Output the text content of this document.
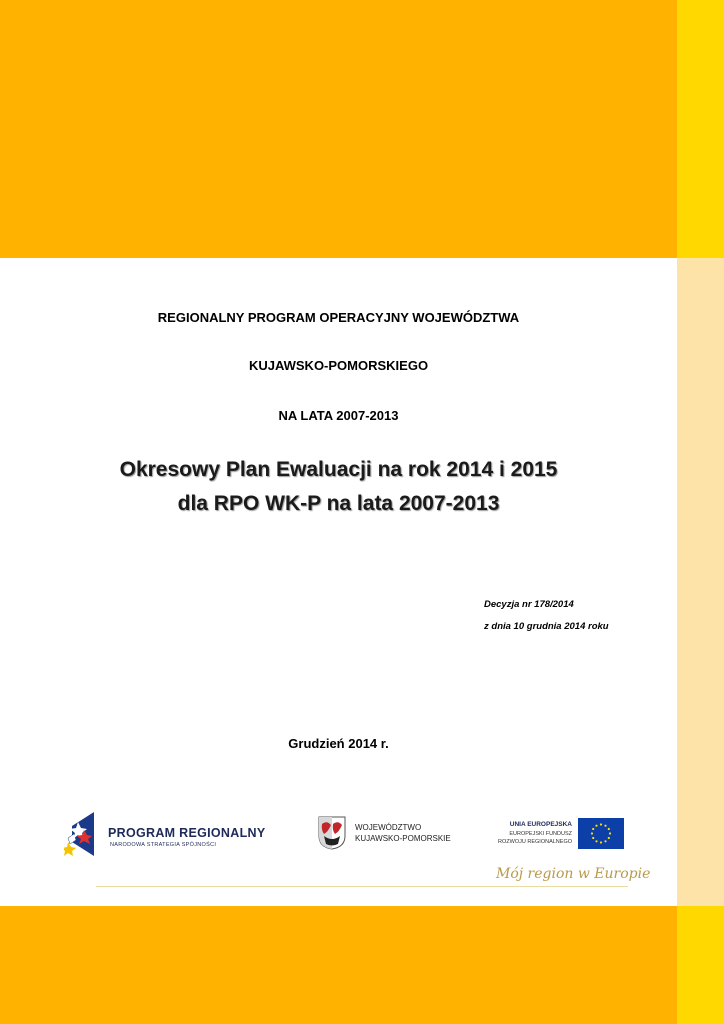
REGIONALNY PROGRAM OPERACYJNY WOJEWÓDZTWA
KUJAWSKO-POMORSKIEGO
NA LATA 2007-2013
Okresowy Plan Ewaluacji na rok 2014 i 2015
dla RPO WK-P na lata 2007-2013
Decyzja nr 178/2014
z dnia 10 grudnia 2014 roku
Grudzień 2014 r.
PROGRAM REGIONALNY
NARODOWA STRATEGIA SPÓJNOŚCI
WOJEWÓDZTWO
KUJAWSKO-POMORSKIE
UNIA EUROPEJSKA
EUROPEJSKI FUNDUSZ
ROZWOJU REGIONALNEGO
Mój region w Europie
